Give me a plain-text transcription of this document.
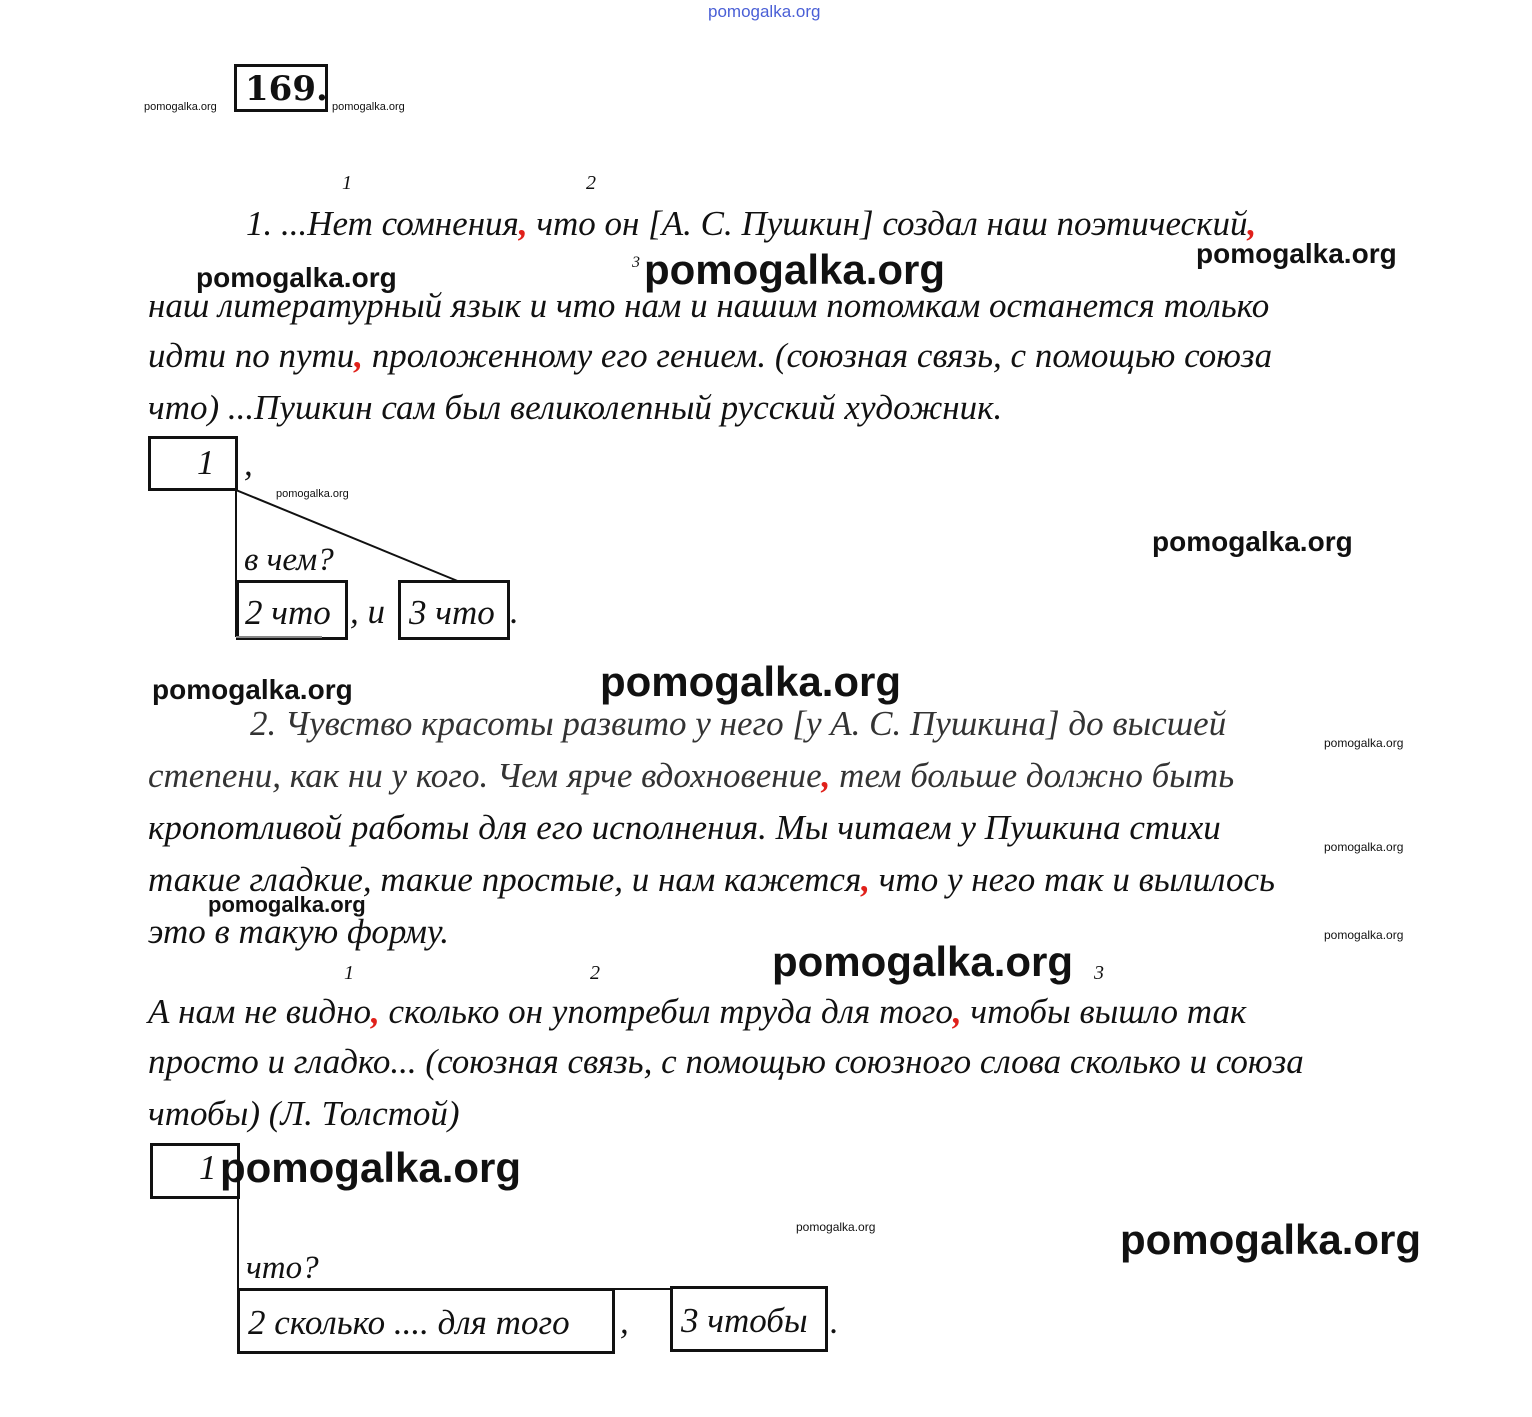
pomogalka.org
pomogalka.org 169. pomogalka.org
1	2
3
1. ...Нет сомнения, что он [А. С. Пушкин] создал наш поэтический,
pomogalka.org	pomogalka.org	pomogalka.org
наш литературный язык и что нам и нашим потомкам останется только
идти по пути, проложенному его гением. (союзная связь, с помощью союза
что) ...Пушкин сам был великолепный русский художник.
1 ,
pomogalka.org
в чем?
pomogalka.org
2 что , и 3 что .
pomogalka.org	pomogalka.org
2. Чувство красоты развито у него [у А. С. Пушкина] до высшей	pomogalka.org
степени, как ни у кого. Чем ярче вдохновение, тем больше должно быть
кропотливой работы для его исполнения. Мы читаем у Пушкина стихи	pomogalka.org
такие гладкие, такие простые, и нам кажется, что у него так и вылилось
pomogalka.org
это в такую форму.	pomogalka.org
1	2	3
pomogalka.org
А нам не видно, сколько он употребил труда для того, чтобы вышло так
просто и гладко... (союзная связь, с помощью союзного слова сколько и союза
чтобы) (Л. Толстой)
1 pomogalka.org
pomogalka.org	pomogalka.org
что?
2 сколько .... для того , 3 чтобы .
